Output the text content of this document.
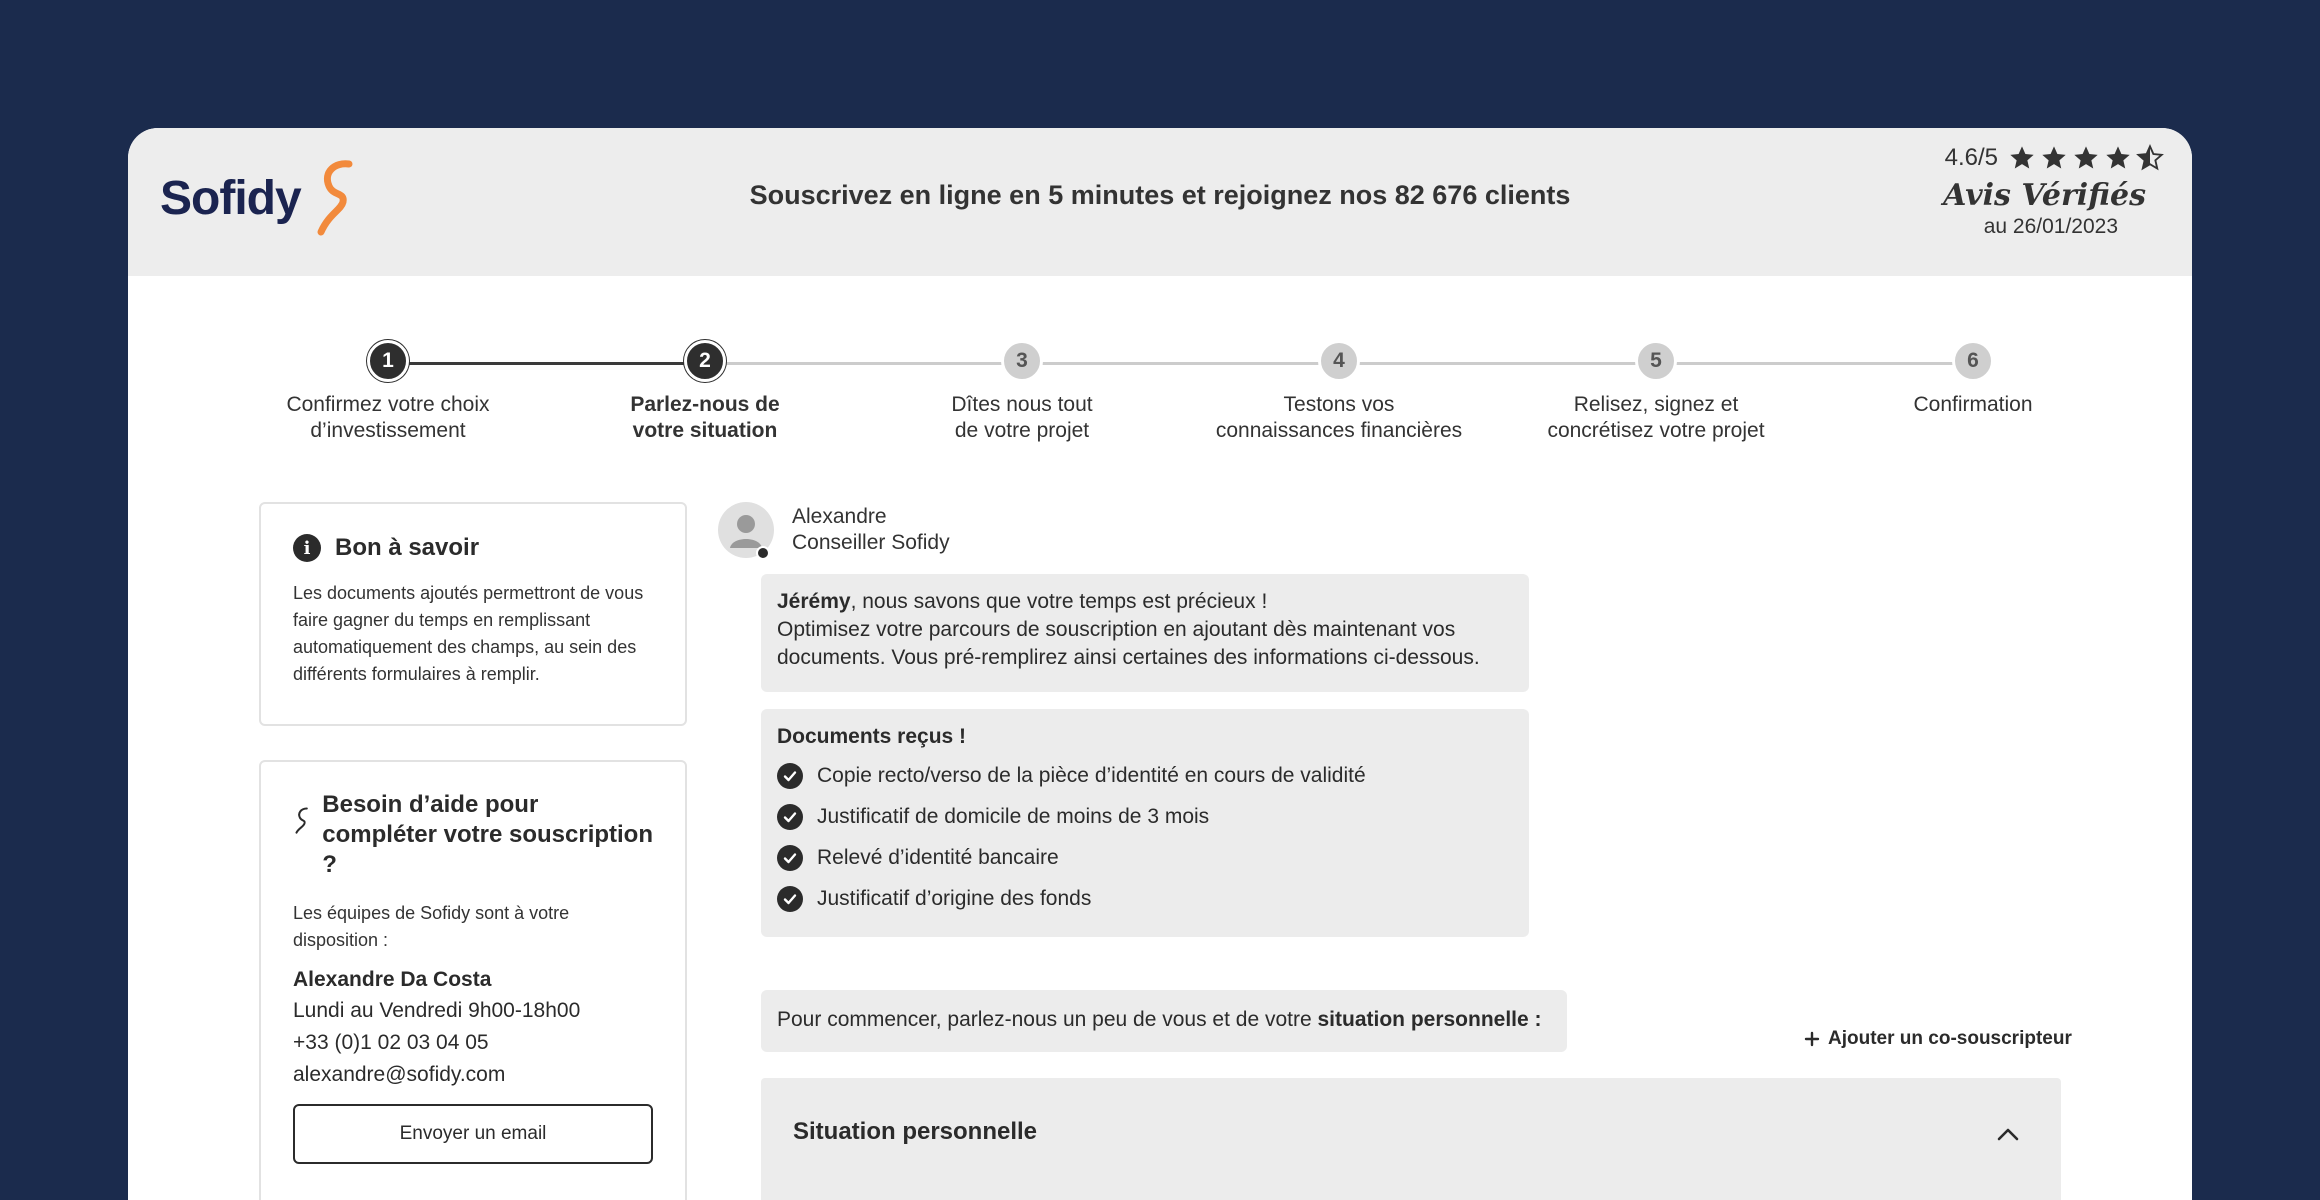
Sofidy	Souscrivez en ligne en 5 minutes et rejoignez nos 82 676 clients
4.6/5
Avis Vérifiés
au 26/01/2023
1
Confirmez votre choix
d’investissement
2
Parlez-nous de
votre situation
3
Dîtes nous tout
de votre projet
4
Testons vos
connaissances financières
5
Relisez, signez et
concrétisez votre projet
6
Confirmation
i	Bon à savoir
Les documents ajoutés permettront de vous faire gagner du temps en remplissant automatiquement des champs, au sein des différents formulaires à remplir.
Besoin d’aide pour compléter votre souscription ?
Les équipes de Sofidy sont à votre disposition :
Alexandre Da Costa
Lundi au Vendredi 9h00-18h00
+33 (0)1 02 03 04 05
alexandre@sofidy.com
Envoyer un email
Alexandre
Conseiller Sofidy
Jérémy, nous savons que votre temps est précieux !
Optimisez votre parcours de souscription en ajoutant dès maintenant vos documents. Vous pré-remplirez ainsi certaines des informations ci-dessous.
Documents reçus !
Copie recto/verso de la pièce d’identité en cours de validité
Justificatif de domicile de moins de 3 mois
Relevé d’identité bancaire
Justificatif d’origine des fonds
Pour commencer, parlez-nous un peu de vous et de votre situation personnelle :
Ajouter un co-souscripteur
Situation personnelle
